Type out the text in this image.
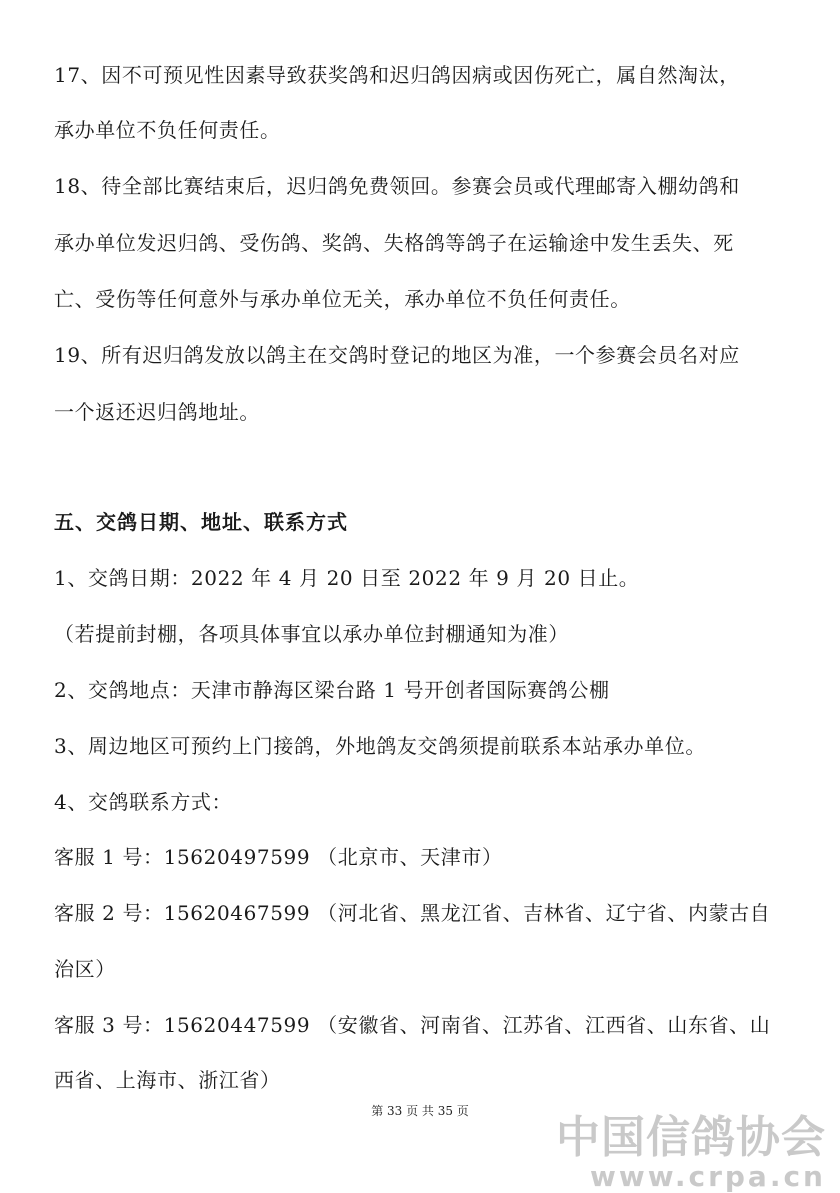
17、因不可预见性因素导致获奖鸽和迟归鸽因病或因伤死亡，属自然淘汰，
承办单位不负任何责任。
18、待全部比赛结束后，迟归鸽免费领回。参赛会员或代理邮寄入棚幼鸽和
承办单位发迟归鸽、受伤鸽、奖鸽、失格鸽等鸽子在运输途中发生丢失、死
亡、受伤等任何意外与承办单位无关，承办单位不负任何责任。
19、所有迟归鸽发放以鸽主在交鸽时登记的地区为准，一个参赛会员名对应
一个返还迟归鸽地址。
五、交鸽日期、地址、联系方式
1、交鸽日期：2022 年 4 月 20 日至 2022 年 9 月 20 日止。
（若提前封棚，各项具体事宜以承办单位封棚通知为准）
2、交鸽地点：天津市静海区梁台路 1 号开创者国际赛鸽公棚
3、周边地区可预约上门接鸽，外地鸽友交鸽须提前联系本站承办单位。
4、交鸽联系方式：
客服 1 号：15620497599 （北京市、天津市）
客服 2 号：15620467599 （河北省、黑龙江省、吉林省、辽宁省、内蒙古自
治区）
客服 3 号：15620447599 （安徽省、河南省、江苏省、江西省、山东省、山
西省、上海市、浙江省）
第 33 页 共 35 页
中国信鸽协会
www.crpa.cn
